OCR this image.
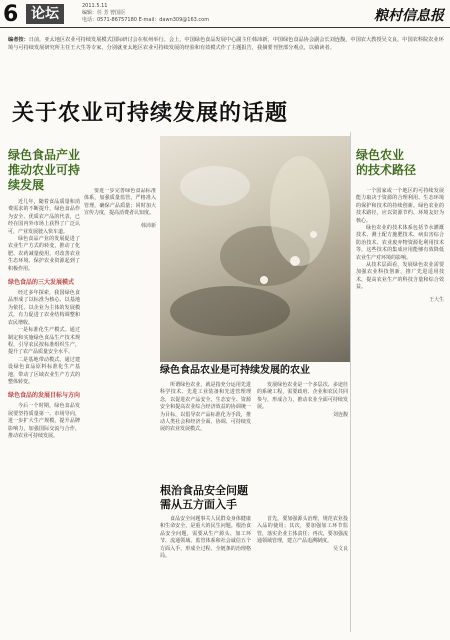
6 论坛	2011.5.11
编辑：任 芳 曾国臣
电话：0571-86757180 E-mail：dawn309@163.com	粮村信息报
编者按：日前，亚太地区农业可持续发展模式国际研讨会在杭州举行。会上，中国绿色食品发展中心副主任韩沛新，中国绿色食品协会副会长刘连馥，中国农大教授吴文良，中国农科院农业环境与可持续发展研究所主任王大生等专家，分别就亚太地区农业可持续发展的经验和有效模式作了主题报告，我摘要刊登部分观点，以飨读者。
关于农业可持续发展的话题
绿色食品产业
推动农业可持续发展

近几年，随着食品质量和消费需求的不断提升，绿色食品作为安全、优质农产品的代表，已经在国内外市场上获得了广泛认可，产业发展驶入快车道。

绿色食品产业的发展促进了农业生产方式的转变，推动了化肥、农药减量使用，对改善农业生态环境、保护农业资源起到了积极作用。

绿色食品的三大发展模式

经过多年探索，我国绿色食品形成了以标准为核心、以基地为依托、以企业为主体的发展模式，有力促进了农业结构调整和农民增收。

一是标准化生产模式。通过制定和实施绿色食品生产技术规程，引导农民按标准组织生产，提升了农产品质量安全水平。

二是基地带动模式。通过建设绿色食品原料标准化生产基地，带动了区域农业生产方式的整体转变。

绿色食品的发展目标与方向

今后一个时期，绿色食品发展要坚持质量第一、市场导向，进一步扩大生产规模，提升品牌影响力，加强国际交流与合作，推动农业可持续发展。

要进一步完善绿色食品标准体系，加强质量监管，严格准入管理，确保产品质量；同时加大宣传力度，提高消费者认知度。

韩沛新
绿色食品农业是可持续发展的农业

所谓绿色农业，就是指充分运用先进科学技术、先进工业装备和先进管理理念，以促进农产品安全、生态安全、资源安全和提高农业综合经济效益的协调统一为目标，以倡导农产品标准化为手段，推动人类社会和经济全面、协调、可持续发展的农业发展模式。

发展绿色农业是一个多层次、多途径的系统工程，需要政府、企业和农民共同参与，形成合力，推动农业全面可持续发展。

刘连馥
根治食品安全问题
需从五方面入手

食品安全问题事关人民群众身体健康和生命安全，是重大的民生问题。根治食品安全问题，需要从生产源头、加工环节、流通领域、监管体系和社会诚信五个方面入手，形成全过程、全链条的治理格局。

首先，要加强源头治理，规范农业投入品的使用；其次，要加强加工环节监管，落实企业主体责任；再次，要加强流通领域管理，建立产品追溯制度。

吴文良
绿色农业
的技术路径

一个国家或一个地区的可持续发展能力取决于资源的合理利用、生态环境的保护和技术的持续创新。绿色农业的技术路径，应以资源节约、环境友好为核心。

绿色农业的技术体系包括节水灌溉技术、测土配方施肥技术、病虫害综合防治技术、农业废弃物资源化利用技术等，这些技术的集成应用能够有效降低农业生产对环境的影响。

从技术层面看，发展绿色农业需要加强农业科技创新，推广先进适用技术，提高农业生产的科技含量和综合效益。

王大生
